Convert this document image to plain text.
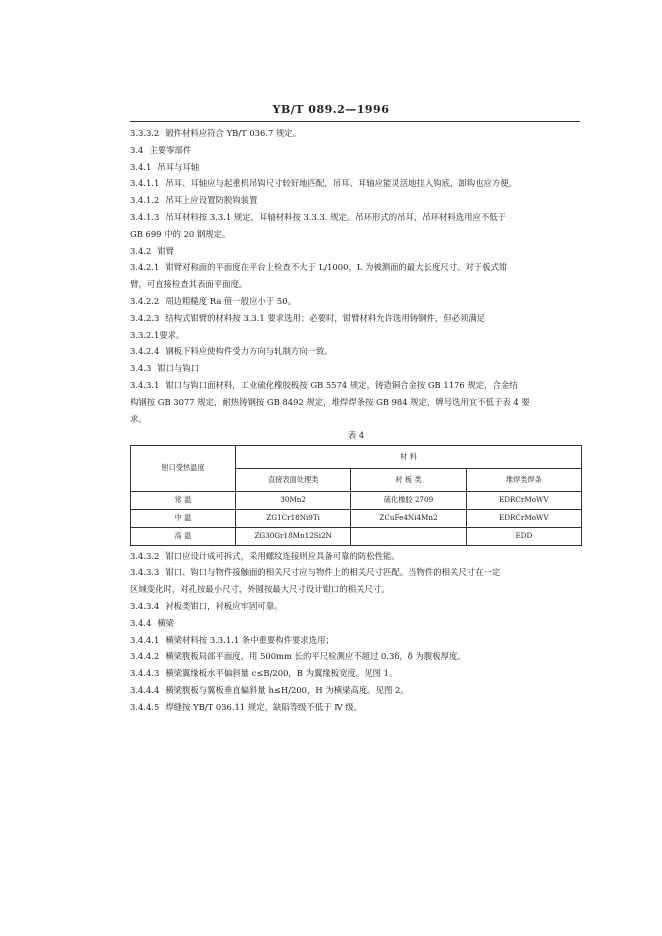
YB/T 089.2—1996
3.3.3.2 锻件材料应符合 YB/T 036.7 规定。
3.4 主要零部件
3.4.1 吊耳与耳轴
3.4.1.1 吊耳、耳轴应与起重机吊钩尺寸较好地匹配，吊耳、耳轴应能灵活地挂入钩底，卸钩也应方便。
3.4.1.2 吊耳上应设置防脱钩装置
3.4.1.3 吊耳材料按 3.3.1 规定，耳轴材料按 3.3.3. 规定。吊环形式的吊耳，吊环材料选用应不低于
GB 699 中的 20 钢规定。
3.4.2 钳臂
3.4.2.1 钳臂对称面的平面度在平台上检查不大于 L/1000，L 为被测面的最大长度尺寸。对于板式钳
臂，可直接检查其表面平面度。
3.4.2.2 周边粗糙度 Ra 值一般应小于 50。
3.4.2.3 结构式钳臂的材料按 3.3.1 要求选用；必要时，钳臂材料允许选用铸钢件，但必须满足
3.3.2.1要求。
3.4.2.4 钢板下料应使构件受力方向与轧制方向一致。
3.4.3 钳口与钩口
3.4.3.1 钳口与钩口面材料，工业硫化橡胶板按 GB 5574 规定，铸造铜合金按 GB 1176 规定，合金结
构钢按 GB 3077 规定，耐热铸钢按 GB 8492 规定，堆焊焊条按 GB 984 规定，牌号选用宜不低于表 4 要
求。
表 4
钳口受热温度	材 料		
	直接表面处理类	衬 板 类	堆焊类焊条
常 温	30Mn2	硫化橡胶 2709	EDRCrMoWV
中 温	ZG1Cr18Ni9Ti	ZCuFe4Ni4Mn2	EDRCrMoWV
高 温	ZG30Gr18Mn12Si2N		EDD
3.4.3.2 钳口应设计成可拆式，采用螺纹连接则应具备可靠的防松性能。
3.4.3.3 钳口、钩口与物件接触面的相关尺寸应与物件上的相关尺寸匹配。当物件的相关尺寸在一定
区域变化时，对孔按最小尺寸，外圆按最大尺寸设计钳口的相关尺寸。
3.4.3.4 衬板类钳口，衬板应牢固可靠。
3.4.4 横梁
3.4.4.1 横梁材料按 3.3.1.1 条中重要构件要求选用；
3.4.4.2 横梁腹板局部平面度，用 500mm 长的平尺检测应不超过 0.3δ，δ 为腹板厚度。
3.4.4.3 横梁翼缘板水平偏斜量 c≤B/200，B 为翼缘板宽度。见图 1。
3.4.4.4 横梁腹板与翼板垂直偏斜量 h≤H/200，H 为横梁高度。见图 2。
3.4.4.5 焊缝按 YB/T 036.11 规定，缺陷等级不低于 Ⅳ 级。
